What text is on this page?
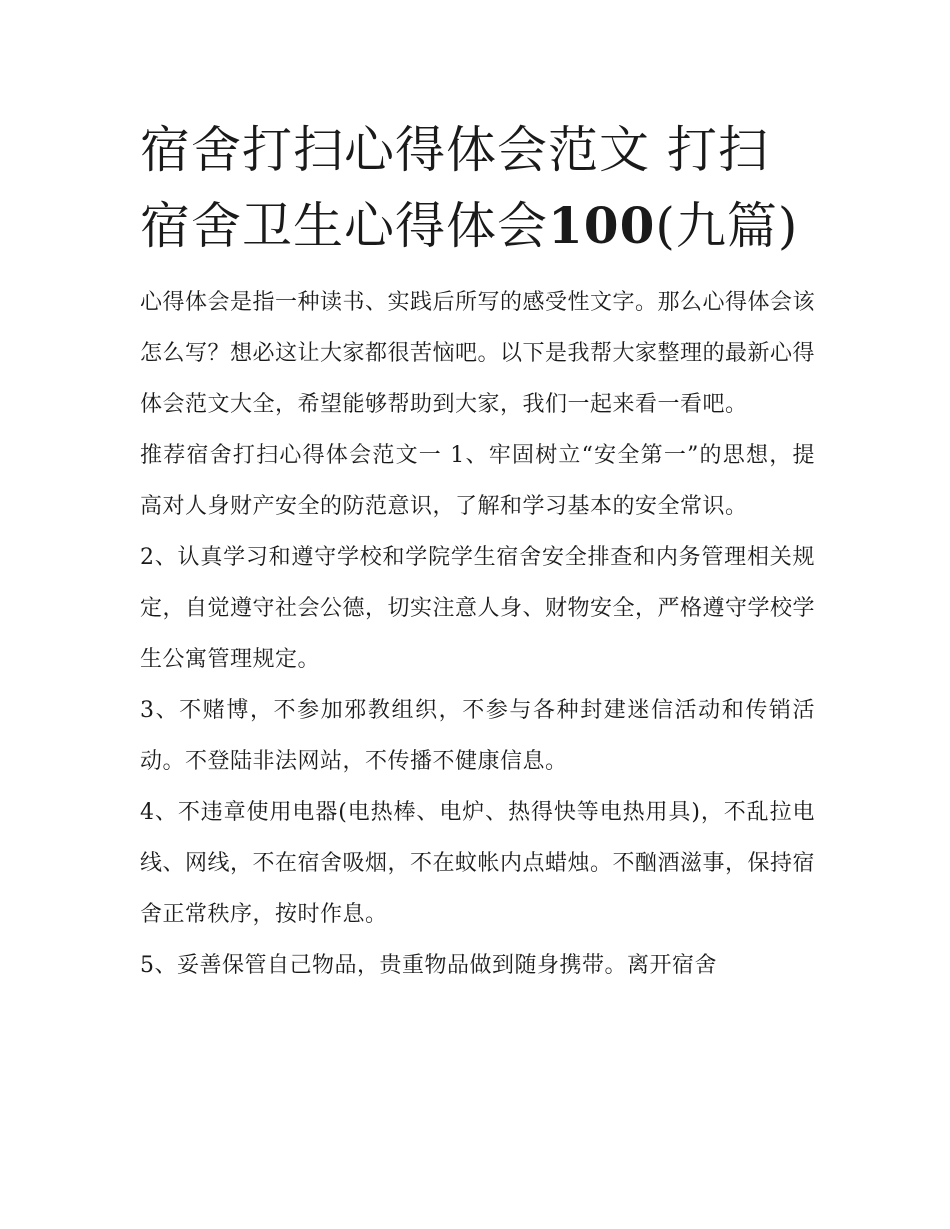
宿舍打扫心得体会范文 打扫宿舍卫生心得体会100(九篇)

心得体会是指一种读书、实践后所写的感受性文字。那么心得体会该怎么写？想必这让大家都很苦恼吧。以下是我帮大家整理的最新心得体会范文大全，希望能够帮助到大家，我们一起来看一看吧。

推荐宿舍打扫心得体会范文一 1、牢固树立“安全第一”的思想，提高对人身财产安全的防范意识，了解和学习基本的安全常识。

2、认真学习和遵守学校和学院学生宿舍安全排查和内务管理相关规定，自觉遵守社会公德，切实注意人身、财物安全，严格遵守学校学生公寓管理规定。

3、不赌博，不参加邪教组织，不参与各种封建迷信活动和传销活动。不登陆非法网站，不传播不健康信息。

4、不违章使用电器(电热棒、电炉、热得快等电热用具)，不乱拉电线、网线，不在宿舍吸烟，不在蚊帐内点蜡烛。不酗酒滋事，保持宿舍正常秩序，按时作息。

5、妥善保管自己物品，贵重物品做到随身携带。离开宿舍
